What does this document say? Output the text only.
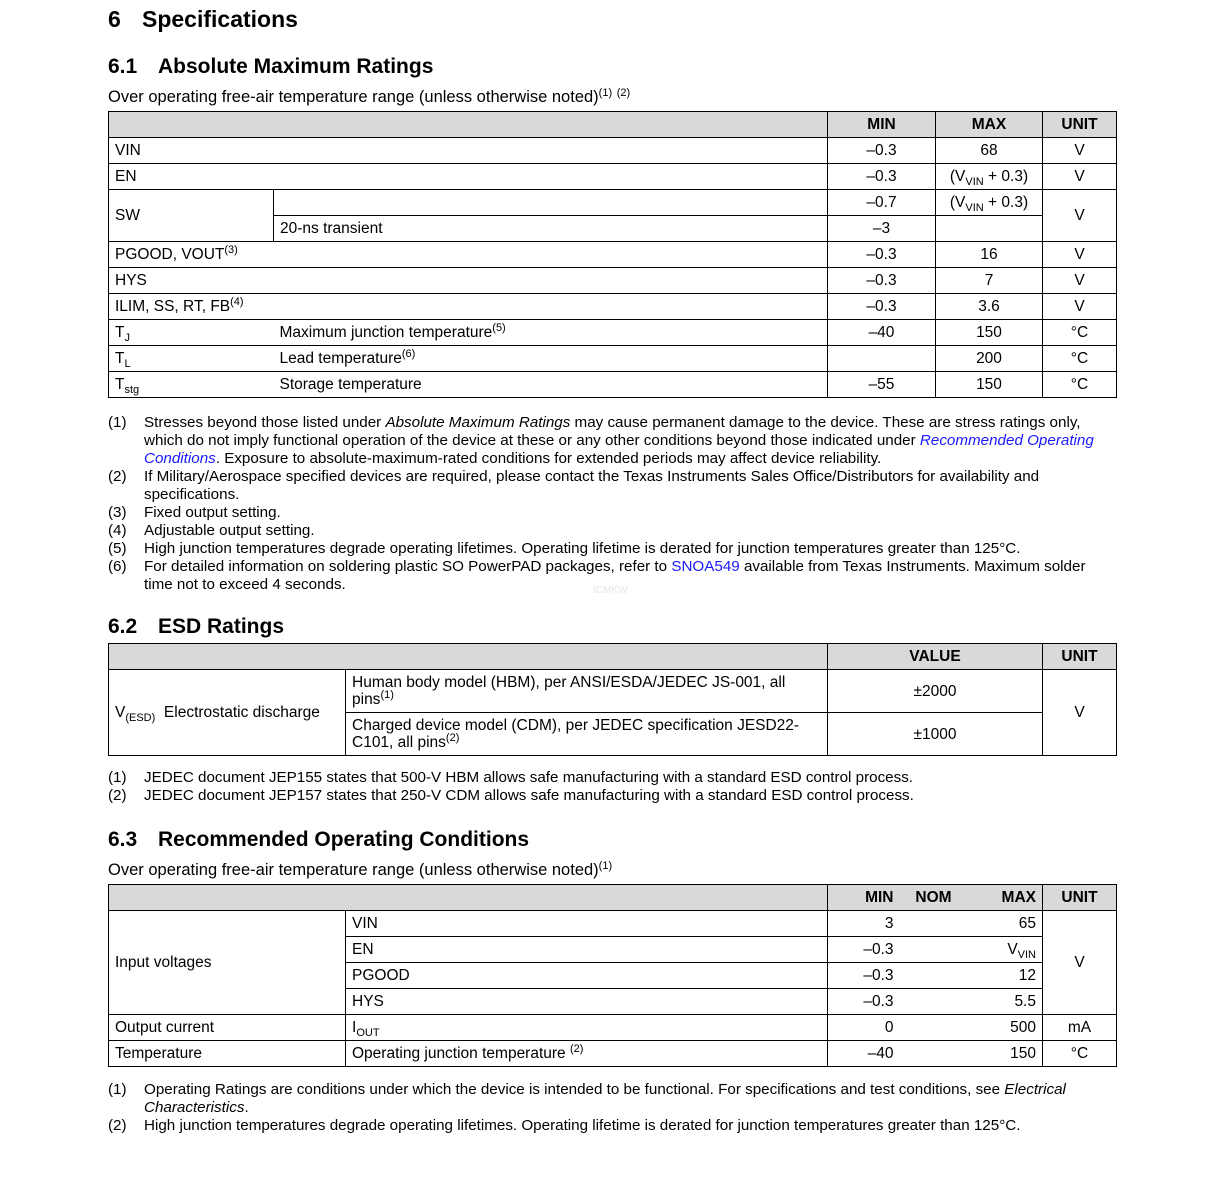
6 Specifications
6.1 Absolute Maximum Ratings
Over operating free-air temperature range (unless otherwise noted)$^{(1)}$ $^{(2)}$
		MIN	MAX	UNIT
VIN		–0.3	68	V
EN		–0.3	$(V_{VIN} + 0.3)$	V
SW		–0.7	$(V_{VIN} + 0.3)$	V
	20-ns transient	–3		
PGOOD, VOUT$^{(3)}$		–0.3	16	V
HYS		–0.3	7	V
ILIM, SS, RT, FB$^{(4)}$		–0.3	3.6	V
$T_J$	Maximum junction temperature$^{(5)}$	–40	150	°C
$T_L$	Lead temperature$^{(6)}$		200	°C
$T_{stg}$	Storage temperature	–55	150	°C
(1)	Stresses beyond those listed under Absolute Maximum Ratings may cause permanent damage to the device. These are stress ratings only, which do not imply functional operation of the device at these or any other conditions beyond those indicated under Recommended Operating Conditions. Exposure to absolute-maximum-rated conditions for extended periods may affect device reliability.
(2)	If Military/Aerospace specified devices are required, please contact the Texas Instruments Sales Office/Distributors for availability and specifications.
(3)	Fixed output setting.
(4)	Adjustable output setting.
(5)	High junction temperatures degrade operating lifetimes. Operating lifetime is derated for junction temperatures greater than 125°C.
(6)	For detailed information on soldering plastic SO PowerPAD packages, refer to SNOA549 available from Texas Instruments. Maximum solder time not to exceed 4 seconds.	ICMKW
6.2 ESD Ratings
		VALUE	UNIT
$V_{(ESD)}$ Electrostatic discharge	Human body model (HBM), per ANSI/ESDA/JEDEC JS-001, all pins$^{(1)}$	±2000	V
	Charged device model (CDM), per JEDEC specification JESD22-C101, all pins$^{(2)}$	±1000	
(1)	JEDEC document JEP155 states that 500-V HBM allows safe manufacturing with a standard ESD control process.
(2)	JEDEC document JEP157 states that 250-V CDM allows safe manufacturing with a standard ESD control process.
6.3 Recommended Operating Conditions
Over operating free-air temperature range (unless otherwise noted)$^{(1)}$
		MIN	NOM	MAX	UNIT
Input voltages	VIN	3		65	V
	EN	–0.3		$V_{VIN}$
	PGOOD	–0.3		12	
	HYS	–0.3		5.5	
Output current	$I_{OUT}$	0		500	mA
Temperature	Operating junction temperature $^{(2)}$	–40		150	°C
(1)	Operating Ratings are conditions under which the device is intended to be functional. For specifications and test conditions, see Electrical Characteristics.
(2)	High junction temperatures degrade operating lifetimes. Operating lifetime is derated for junction temperatures greater than 125°C.
